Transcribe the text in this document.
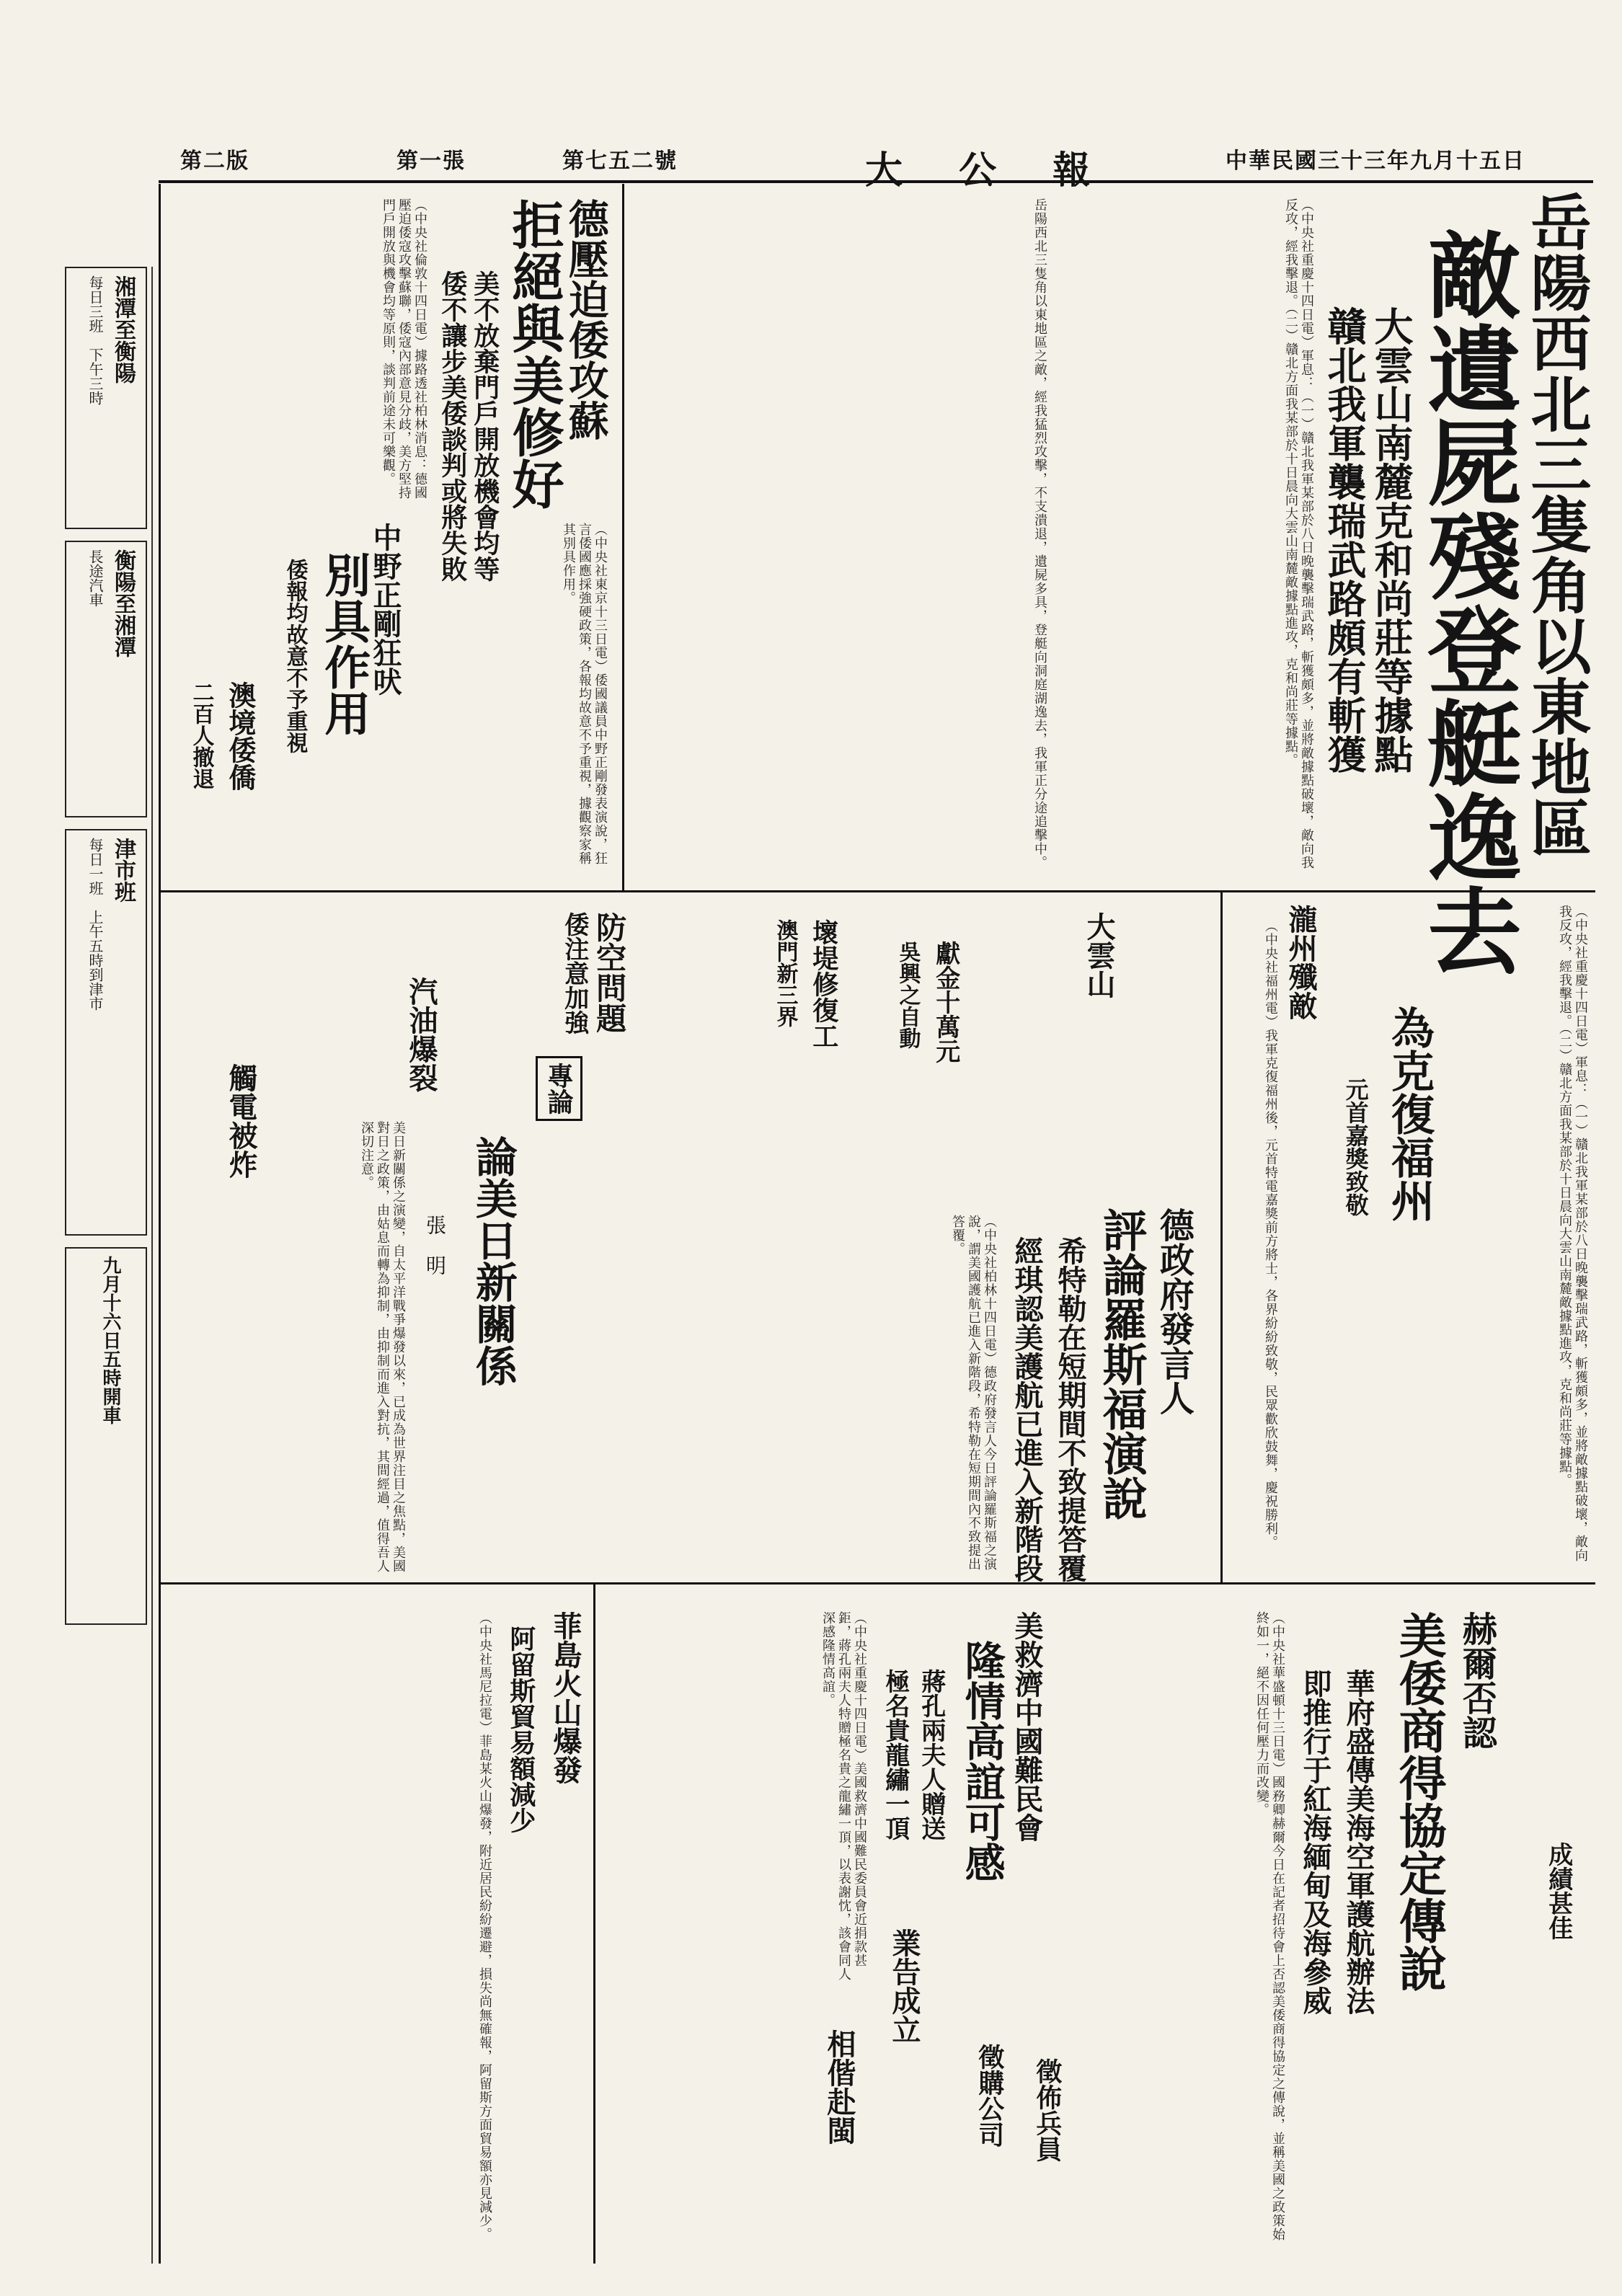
中華民國三十三年九月十五日
大 公 報
第七五二號
第一張
第二版
湘潭至衡陽
每日三班　下午三時
衡陽至湘潭
長途汽車
津市班
每日一班　上午五時到津市
九月十六日五時開車
岳陽西北三隻角以東地區
敵遺屍殘登艇逸去
大雲山南麓克和尚莊等據點
贛北我軍襲瑞武路頗有斬獲
（中央社重慶十四日電）軍息：（一）贛北我軍某部於八日晚襲擊瑞武路，斬獲頗多，並將敵據點破壞，敵向我反攻，經我擊退。（二）贛北方面我某部於十日晨向大雲山南麓敵據點進攻，克和尚莊等據點。
岳陽西北三隻角以東地區之敵，經我猛烈攻擊，不支潰退，遺屍多具，登艇向洞庭湖逸去，我軍正分途追擊中。
德壓迫倭攻蘇
拒絕與美修好
美不放棄門戶開放機會均等
倭不讓步美倭談判或將失敗
（中央社倫敦十四日電）據路透社柏林消息：德國壓迫倭寇攻擊蘇聯，倭寇內部意見分歧，美方堅持門戶開放與機會均等原則，談判前途未可樂觀。
中野正剛狂吠
別具作用
倭報均故意不予重視	（中央社東京十三日電）倭國議員中野正剛發表演說，狂言倭國應採強硬政策，各報均故意不予重視，據觀察家稱其別具作用。
澳境倭僑
二百人撤退
防空問題
倭注意加強
汽油爆裂
觸電被炸	專論
論美日新關係
張　明
美日新關係之演變，自太平洋戰爭爆發以來，已成為世界注目之焦點，美國對日之政策，由姑息而轉為抑制，由抑制而進入對抗，其間經過，值得吾人深切注意。
壞堤修復工
澳門新三界	獻金十萬元
吳興之自動	大雲山
德政府發言人
評論羅斯福演說
希特勒在短期間不致提答覆
經琪認美護航已進入新階段
（中央社柏林十四日電）德政府發言人今日評論羅斯福之演說，謂美國護航已進入新階段，希特勒在短期間內不致提出答覆。
瀧州殲敵
為克復福州
元首嘉獎致敬
（中央社福州電）我軍克復福州後，元首特電嘉獎前方將士，各界紛紛致敬，民眾歡欣鼓舞，慶祝勝利。	（中央社重慶十四日電）軍息：（一）贛北我軍某部於八日晚襲擊瑞武路，斬獲頗多，並將敵據點破壞，敵向我反攻，經我擊退。（二）贛北方面我某部於十日晨向大雲山南麓敵據點進攻，克和尚莊等據點。
赫爾否認
美倭商得協定傳說
華府盛傳美海空軍護航辦法
即推行于紅海緬甸及海參威	成績甚佳
（中央社華盛頓十三日電）國務卿赫爾今日在記者招待會上否認美倭商得協定之傳說，並稱美國之政策始終如一，絕不因任何壓力而改變。
美救濟中國難民會
隆情高誼可感
蔣孔兩夫人贈送
極名貴龍繡一頂
（中央社重慶十四日電）美國救濟中國難民委員會近捐款甚鉅，蔣孔兩夫人特贈極名貴之龍繡一頂，以表謝忱，該會同人深感隆情高誼。
業告成立
相偕赴閩	徵購公司 徵佈兵員
菲島火山爆發
阿留斯貿易額減少
（中央社馬尼拉電）菲島某火山爆發，附近居民紛紛遷避，損失尚無確報，阿留斯方面貿易額亦見減少。
